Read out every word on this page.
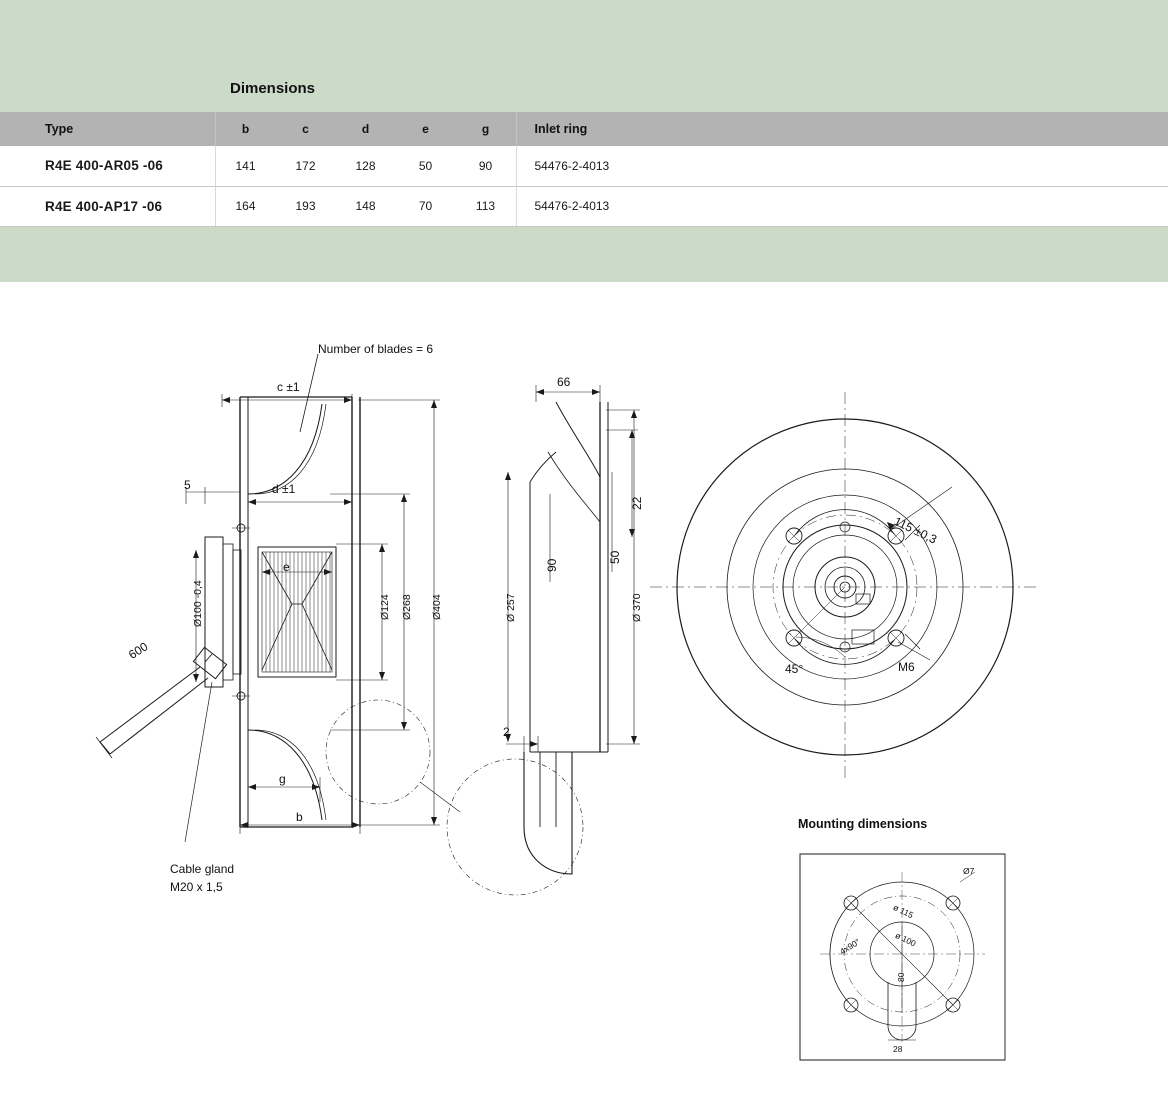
Dimensions
Type	b	c	d	e	g	Inlet ring
R4E 400-AR05 -06	141	172	128	50	90	54476-2-4013
R4E 400-AP17 -06	164	193	148	70	113	54476-2-4013
Number of blades = 6
c ±1
d ±1
5
e
Ø100 -0,4
600
Ø124 Ø268 Ø404
g
b
Cable gland
M20 x 1,5
66
90
50
22
Ø 257	Ø 370
2
115 ±0,3
45°	M6
Mounting dimensions
Ø7
ø 115
ø 100
4x90°
80
28
